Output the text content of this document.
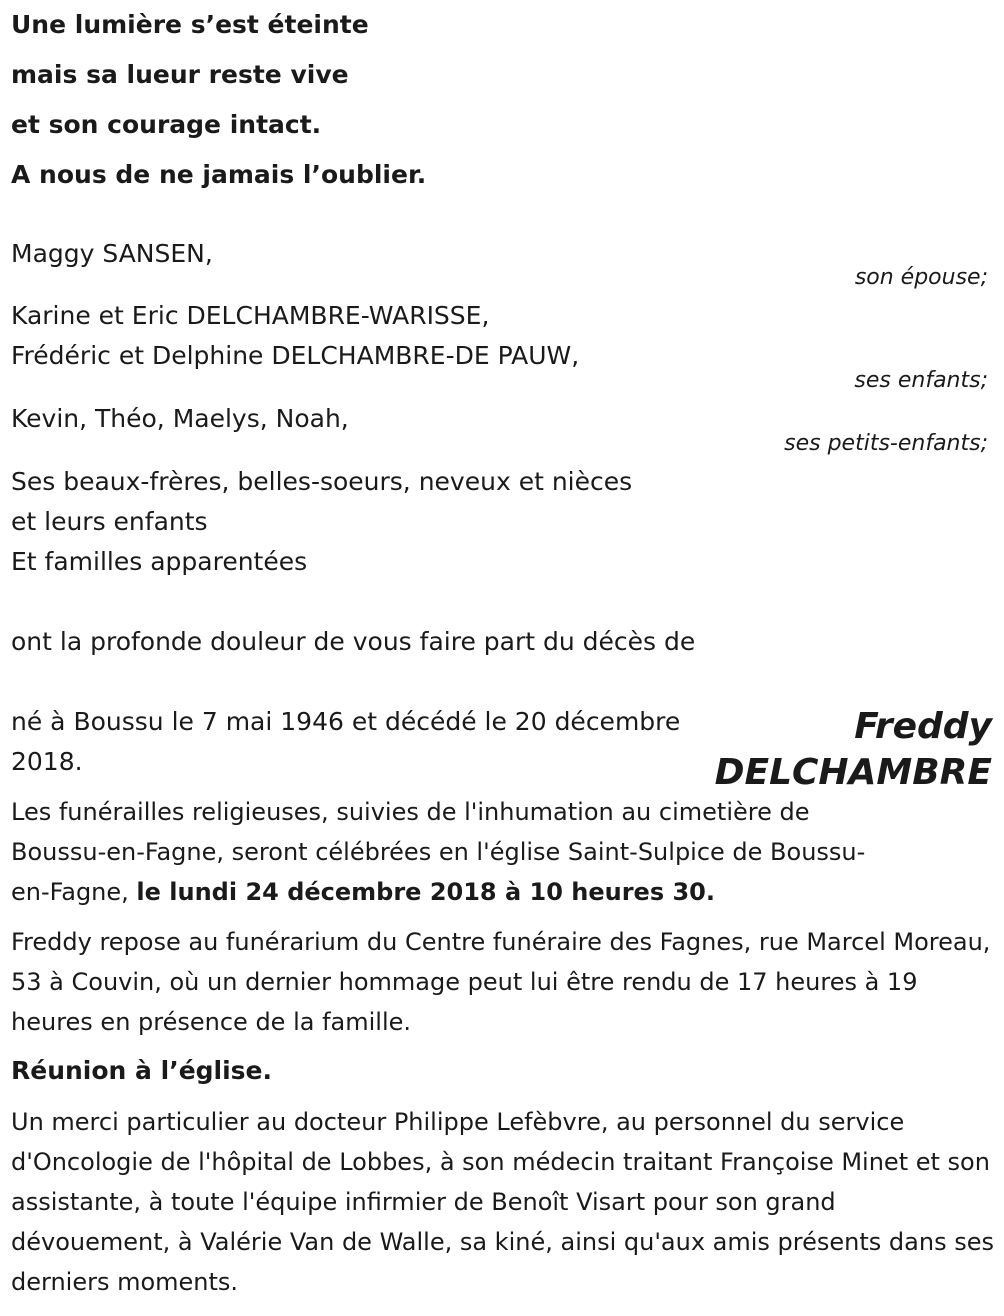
Une lumière s’est éteinte
mais sa lueur reste vive
et son courage intact.
A nous de ne jamais l’oublier.
Maggy SANSEN,
son épouse;
Karine et Eric DELCHAMBRE-WARISSE,
Frédéric et Delphine DELCHAMBRE-DE PAUW,
ses enfants;
Kevin, Théo, Maelys, Noah,
ses petits-enfants;
Ses beaux-frères, belles-soeurs, neveux et nièces
et leurs enfants
Et familles apparentées
ont la profonde douleur de vous faire part du décès de
né à Boussu le 7 mai 1946 et décédé le 20 décembre
2018.
Freddy
DELCHAMBRE
Les funérailles religieuses, suivies de l'inhumation au cimetière de Boussu-en-Fagne, seront célébrées en l'église Saint-Sulpice de Boussu-en-Fagne, le lundi 24 décembre 2018 à 10 heures 30.
Freddy repose au funérarium du Centre funéraire des Fagnes, rue Marcel Moreau, 53 à Couvin, où un dernier hommage peut lui être rendu de 17 heures à 19 heures en présence de la famille.
Réunion à l’église.
Un merci particulier au docteur Philippe Lefèbvre, au personnel du service d'Oncologie de l'hôpital de Lobbes, à son médecin traitant Françoise Minet et son assistante, à toute l'équipe infirmier de Benoît Visart pour son grand dévouement, à Valérie Van de Walle, sa kiné, ainsi qu'aux amis présents dans ses derniers moments.
